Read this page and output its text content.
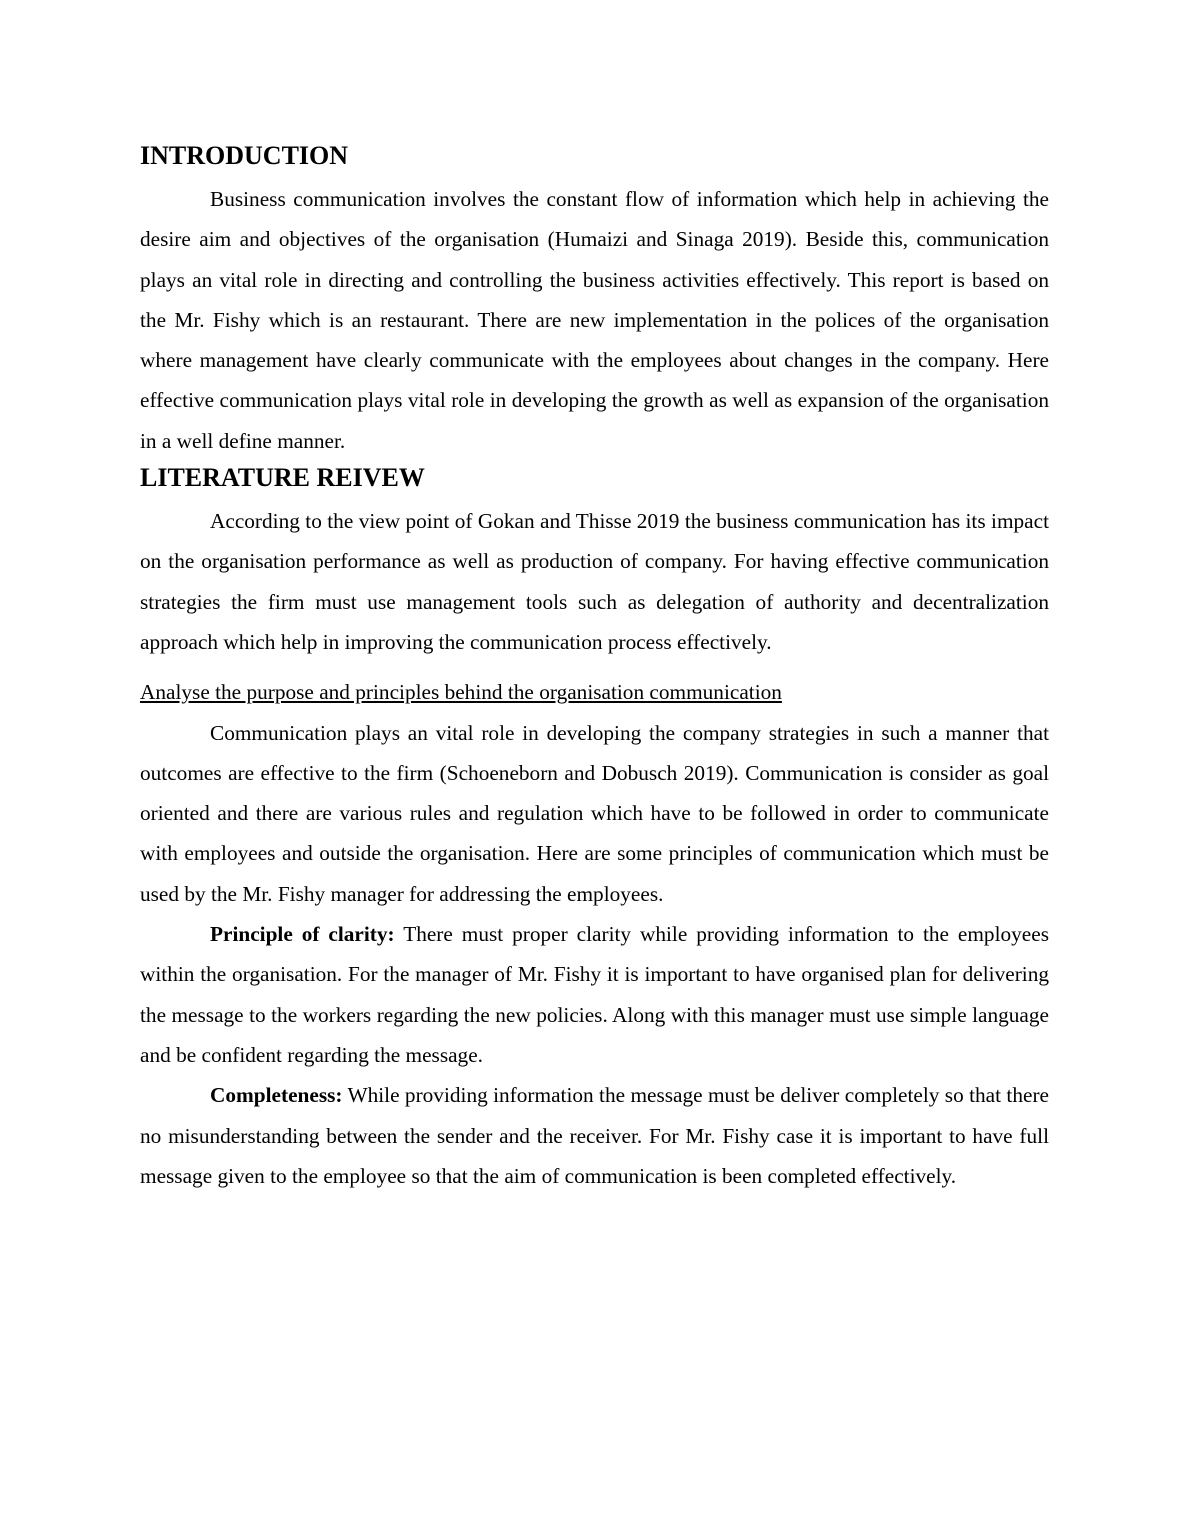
INTRODUCTION

Business communication involves the constant flow of information which help in achieving the desire aim and objectives of the organisation (Humaizi and Sinaga 2019). Beside this, communication plays an vital role in directing and controlling the business activities effectively. This report is based on the Mr. Fishy which is an restaurant. There are new implementation in the polices of the organisation where management have clearly communicate with the employees about changes in the company. Here effective communication plays vital role in developing the growth as well as expansion of the organisation in a well define manner.

LITERATURE REIVEW

According to the view point of Gokan and Thisse 2019 the business communication has its impact on the organisation performance as well as production of company. For having effective communication strategies the firm must use management tools such as delegation of authority and decentralization approach which help in improving the communication process effectively.

Analyse the purpose and principles behind the organisation communication

Communication plays an vital role in developing the company strategies in such a manner that outcomes are effective to the firm (Schoeneborn and Dobusch 2019). Communication is consider as goal oriented and there are various rules and regulation which have to be followed in order to communicate with employees and outside the organisation. Here are some principles of communication which must be used by the Mr. Fishy manager for addressing the employees.

Principle of clarity: There must proper clarity while providing information to the employees within the organisation. For the manager of Mr. Fishy it is important to have organised plan for delivering the message to the workers regarding the new policies. Along with this manager must use simple language and be confident regarding the message.

Completeness: While providing information the message must be deliver completely so that there no misunderstanding between the sender and the receiver. For Mr. Fishy case it is important to have full message given to the employee so that the aim of communication is been completed effectively.
